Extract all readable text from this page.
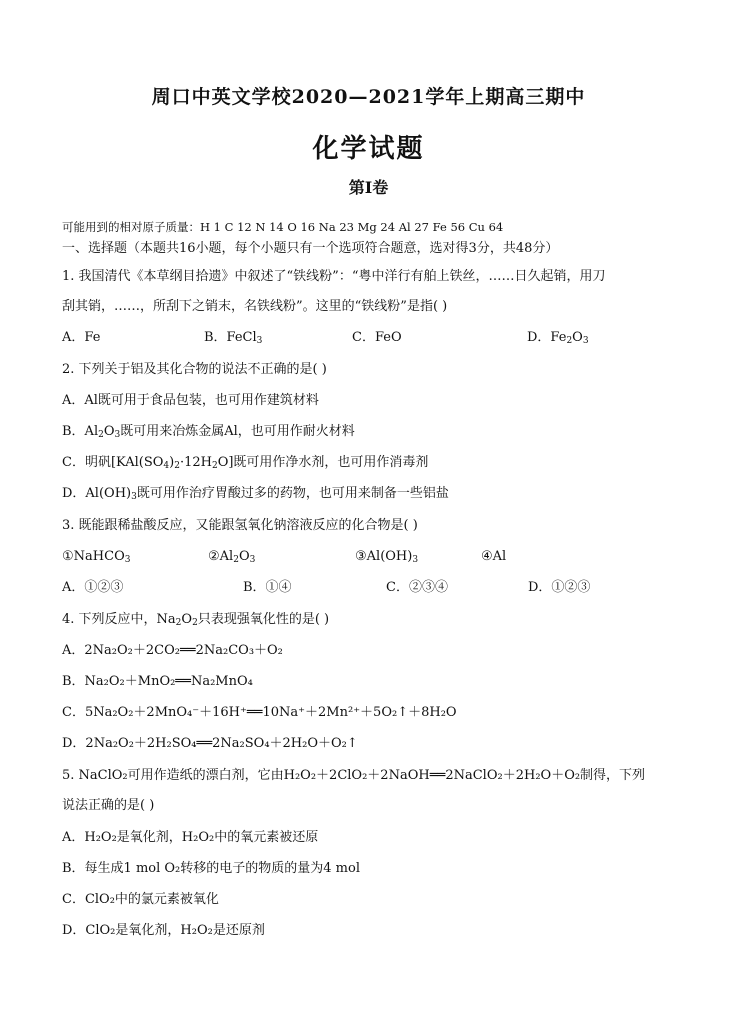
周口中英文学校2020—2021学年上期高三期中
化学试题
第Ⅰ卷
可能用到的相对原子质量：H 1 C 12 N 14 O 16 Na 23 Mg 24 Al 27 Fe 56 Cu 64
一、选择题（本题共16小题，每个小题只有一个选项符合题意，选对得3分，共48分）
1. 我国清代《本草纲目拾遗》中叙述了“铁线粉”：“粤中洋行有舶上铁丝，……日久起销，用刀
刮其销，……，所刮下之销末，名铁线粉”。这里的“铁线粉”是指( )
A．Fe	B．FeCl$_3$	C．FeO	D．$Fe_2O_3$
2. 下列关于铝及其化合物的说法不正确的是( )
A．Al既可用于食品包装，也可用作建筑材料
B．$Al_2O_3$既可用来冶炼金属Al，也可用作耐火材料
C．明矾$[KAl(SO_4)_2\cdot 12H_2O]$既可用作净水剂，也可用作消毒剂
D．$Al(OH)_3$既可用作治疗胃酸过多的药物，也可用来制备一些铝盐
3. 既能跟稀盐酸反应，又能跟氢氧化钠溶液反应的化合物是( )
①NaHCO$_3$	$②Al_2O_3$	$③Al(OH)_3$	④Al
A．①②③	B．①④	C．②③④	D．①②③
4. 下列反应中，$Na_2O_2$只表现强氧化性的是( )
A．2Na₂O₂＋2CO₂══2Na₂CO₃＋O₂
B．Na₂O₂＋MnO₂══Na₂MnO₄
C．5Na₂O₂＋2MnO₄⁻＋16H⁺══10Na⁺＋2Mn²⁺＋5O₂↑＋8H₂O
D．2Na₂O₂＋2H₂SO₄══2Na₂SO₄＋2H₂O＋O₂↑
5. NaClO₂可用作造纸的漂白剂，它由H₂O₂＋2ClO₂＋2NaOH══2NaClO₂＋2H₂O＋O₂制得，下列
说法正确的是( )
A．H₂O₂是氧化剂，H₂O₂中的氧元素被还原
B．每生成1 mol O₂转移的电子的物质的量为4 mol
C．ClO₂中的氯元素被氧化
D．ClO₂是氧化剂，H₂O₂是还原剂
